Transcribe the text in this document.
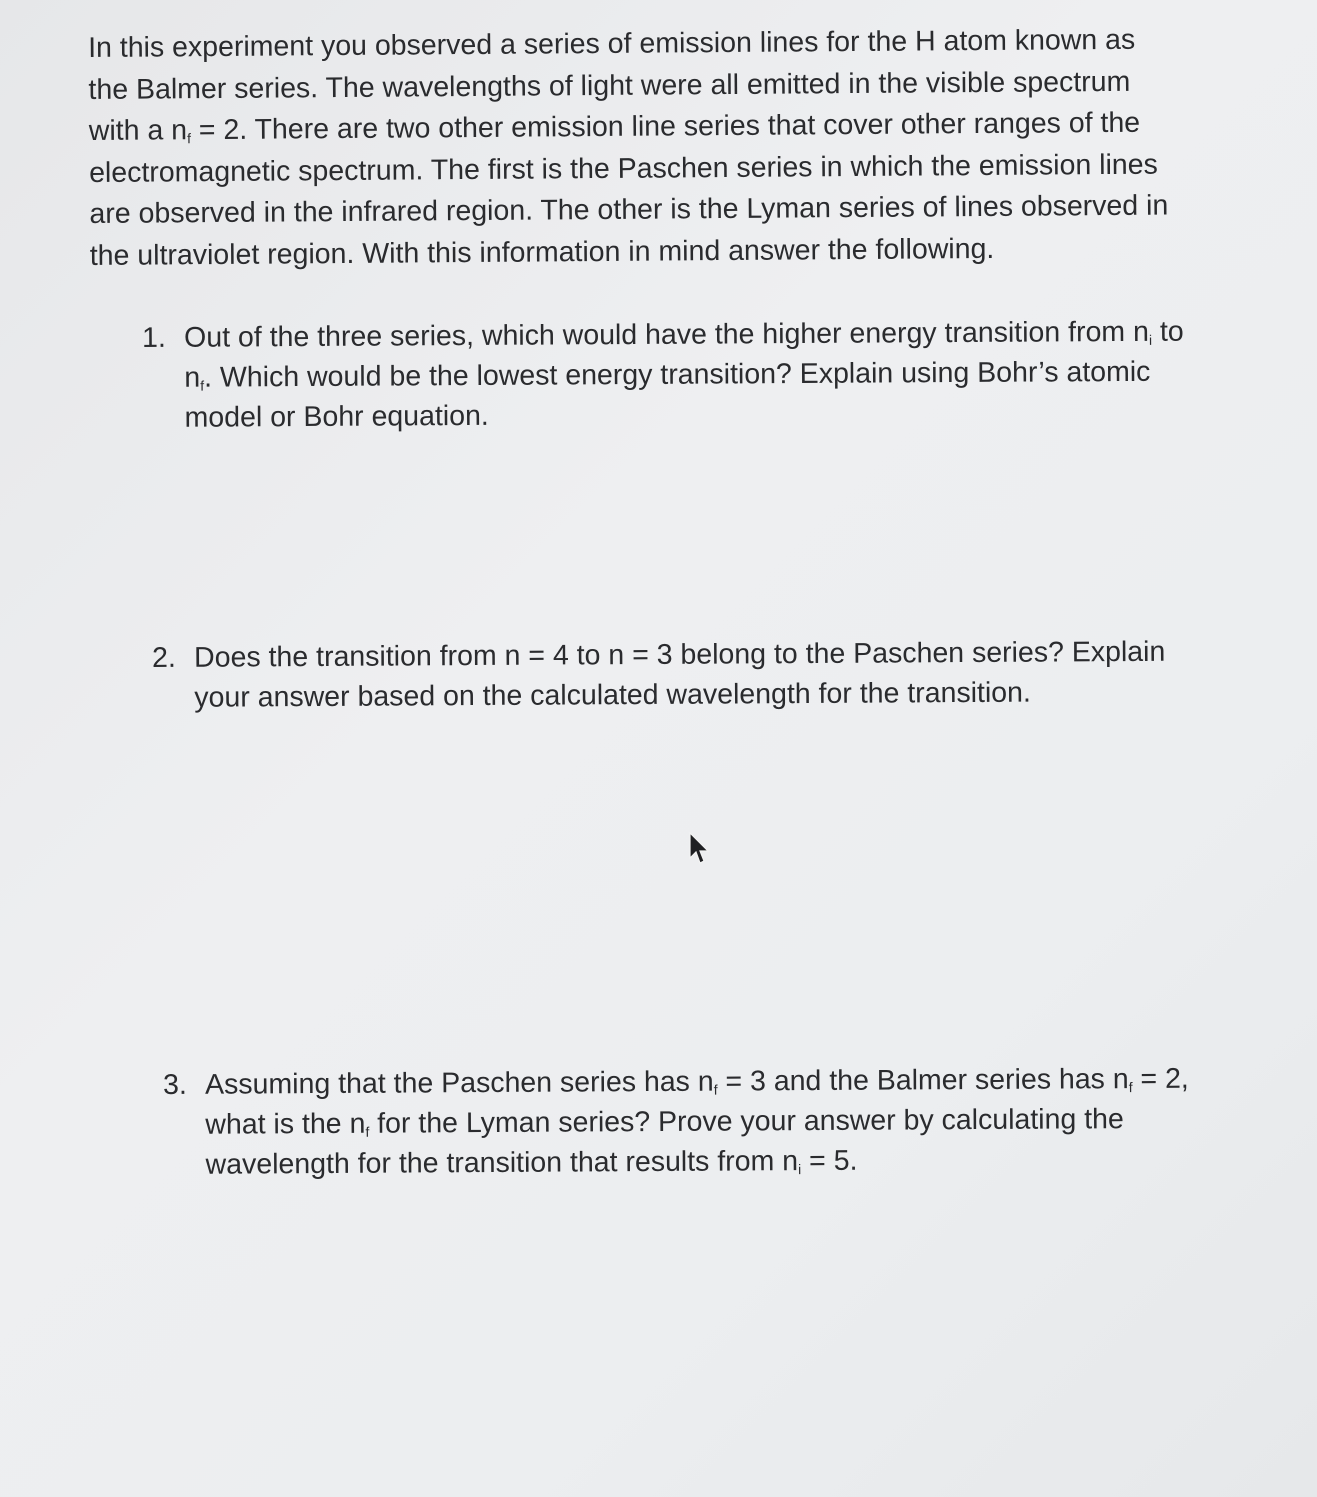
In this experiment you observed a series of emission lines for the H atom known as
the Balmer series. The wavelengths of light were all emitted in the visible spectrum
with a $n_f = 2$. There are two other emission line series that cover other ranges of the
electromagnetic spectrum. The first is the Paschen series in which the emission lines
are observed in the infrared region. The other is the Lyman series of lines observed in
the ultraviolet region. With this information in mind answer the following.
1. Out of the three series, which would have the higher energy transition from $n_i$ to
$n_f$. Which would be the lowest energy transition? Explain using Bohr’s atomic
model or Bohr equation.
2. Does the transition from n = 4 to n = 3 belong to the Paschen series? Explain
your answer based on the calculated wavelength for the transition.
3. Assuming that the Paschen series has $n_f = 3$ and the Balmer series has $n_f = 2$,
what is the $n_f$ for the Lyman series? Prove your answer by calculating the
wavelength for the transition that results from $n_i = 5$.
